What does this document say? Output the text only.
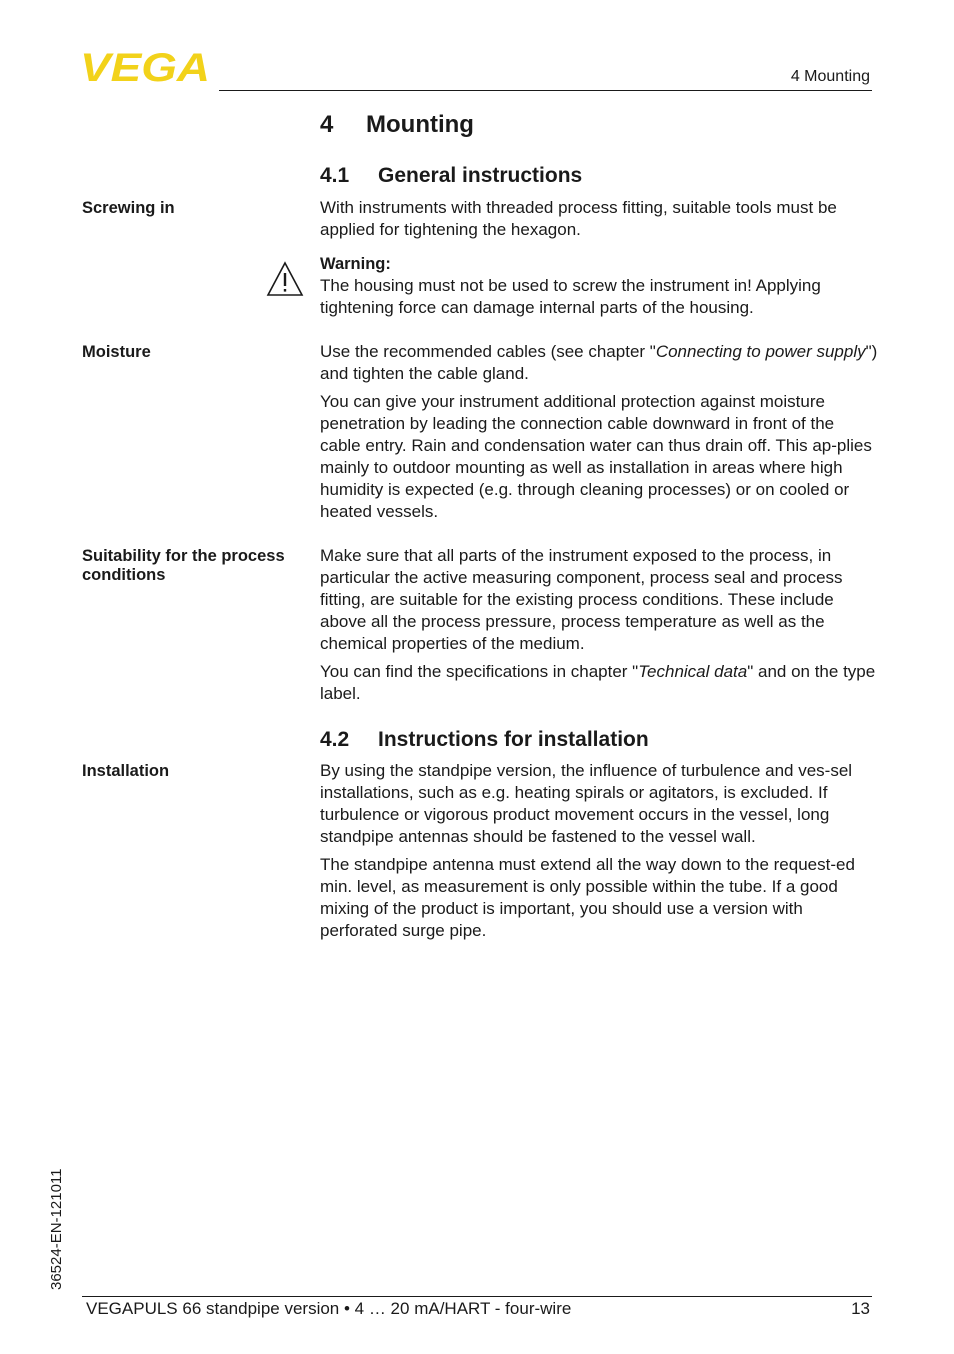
VEGA	4 Mounting
4 Mounting
4.1 General instructions
Screwing in	With instruments with threaded process fitting, suitable tools must be applied for tightening the hexagon.

Warning:

The housing must not be used to screw the instrument in! Applying tightening force can damage internal parts of the housing.

Moisture	Use the recommended cables (see chapter "Connecting to power supply") and tighten the cable gland.

You can give your instrument additional protection against moisture penetration by leading the connection cable downward in front of the cable entry. Rain and condensation water can thus drain off. This ap-plies mainly to outdoor mounting as well as installation in areas where high humidity is expected (e.g. through cleaning processes) or on cooled or heated vessels.

Suitability for the process conditions

Make sure that all parts of the instrument exposed to the process, in particular the active measuring component, process seal and process fitting, are suitable for the existing process conditions. These include above all the process pressure, process temperature as well as the chemical properties of the medium.

You can find the specifications in chapter "Technical data" and on the type label.

4.2 Instructions for installation
Installation	By using the standpipe version, the influence of turbulence and ves-sel installations, such as e.g. heating spirals or agitators, is excluded. If turbulence or vigorous product movement occurs in the vessel, long standpipe antennas should be fastened to the vessel wall.

The standpipe antenna must extend all the way down to the request-ed min. level, as measurement is only possible within the tube. If a good mixing of the product is important, you should use a version with perforated surge pipe.

36524-EN-121011
VEGAPULS 66 standpipe version • 4 … 20 mA/HART - four-wire	13
